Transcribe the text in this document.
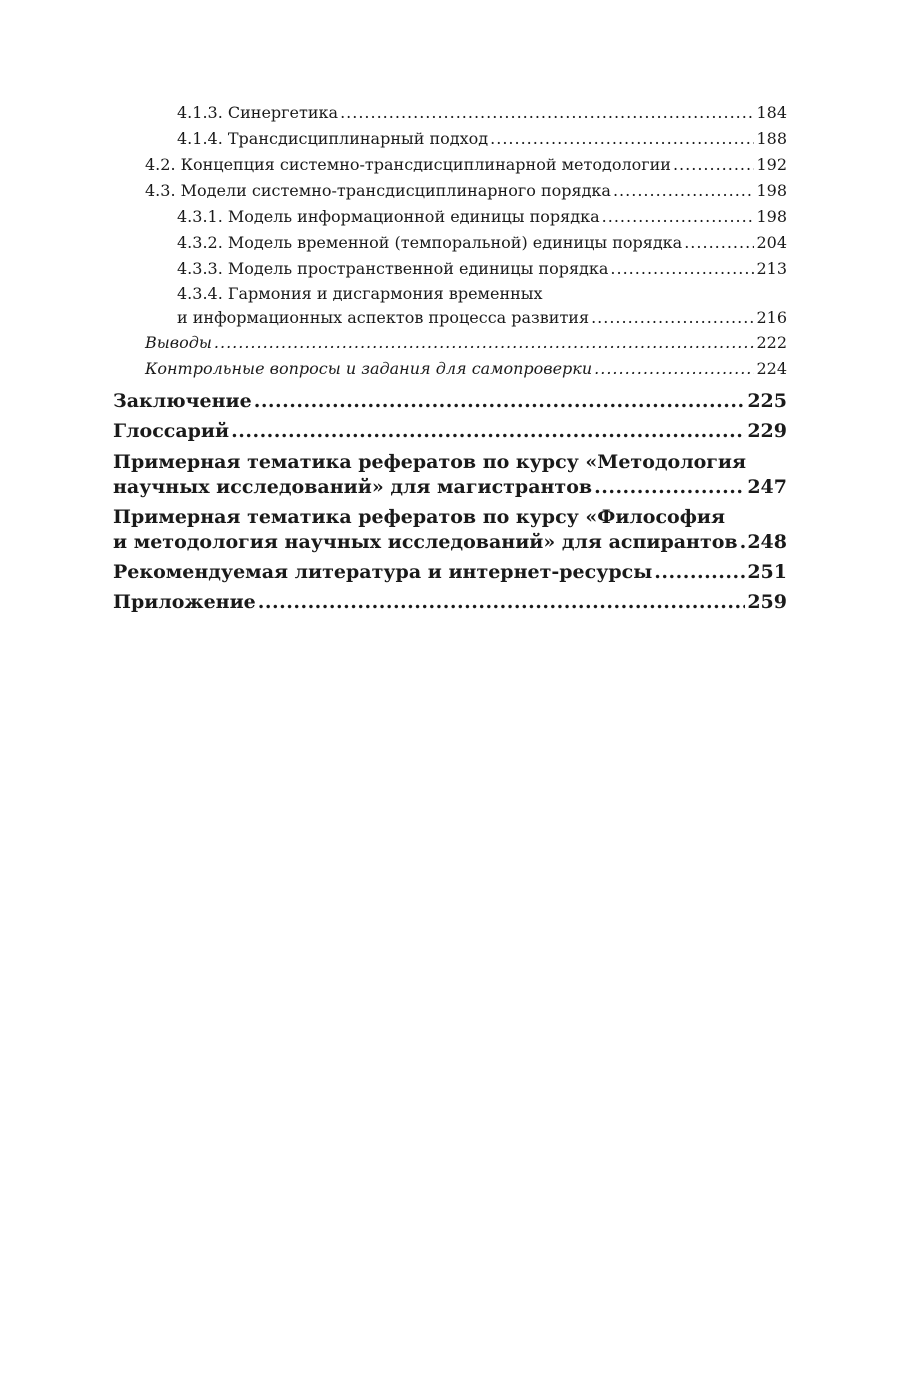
4.1.3. Синергетика .....	184
4.1.4. Трансдисциплинарный подход .....	188
4.2. Концепция системно-трансдисциплинарной методологии .....	192
4.3. Модели системно-трансдисциплинарного порядка .....	198
4.3.1. Модель информационной единицы порядка .....	198
4.3.2. Модель временной (темпоральной) единицы порядка .....	204
4.3.3. Модель пространственной единицы порядка .....	213
4.3.4. Гармония и дисгармония временных
и информационных аспектов процесса развития .....	216
Выводы .....	222
Контрольные вопросы и задания для самопроверки .....	224
Заключение .....	225
Глоссарий .....	229
Примерная тематика рефератов по курсу «Методология
научных исследований» для магистрантов .....	247
Примерная тематика рефератов по курсу «Философия
и методология научных исследований» для аспирантов ..... 248
Рекомендуемая литература и интернет-ресурсы .....	251
Приложение .....	259
